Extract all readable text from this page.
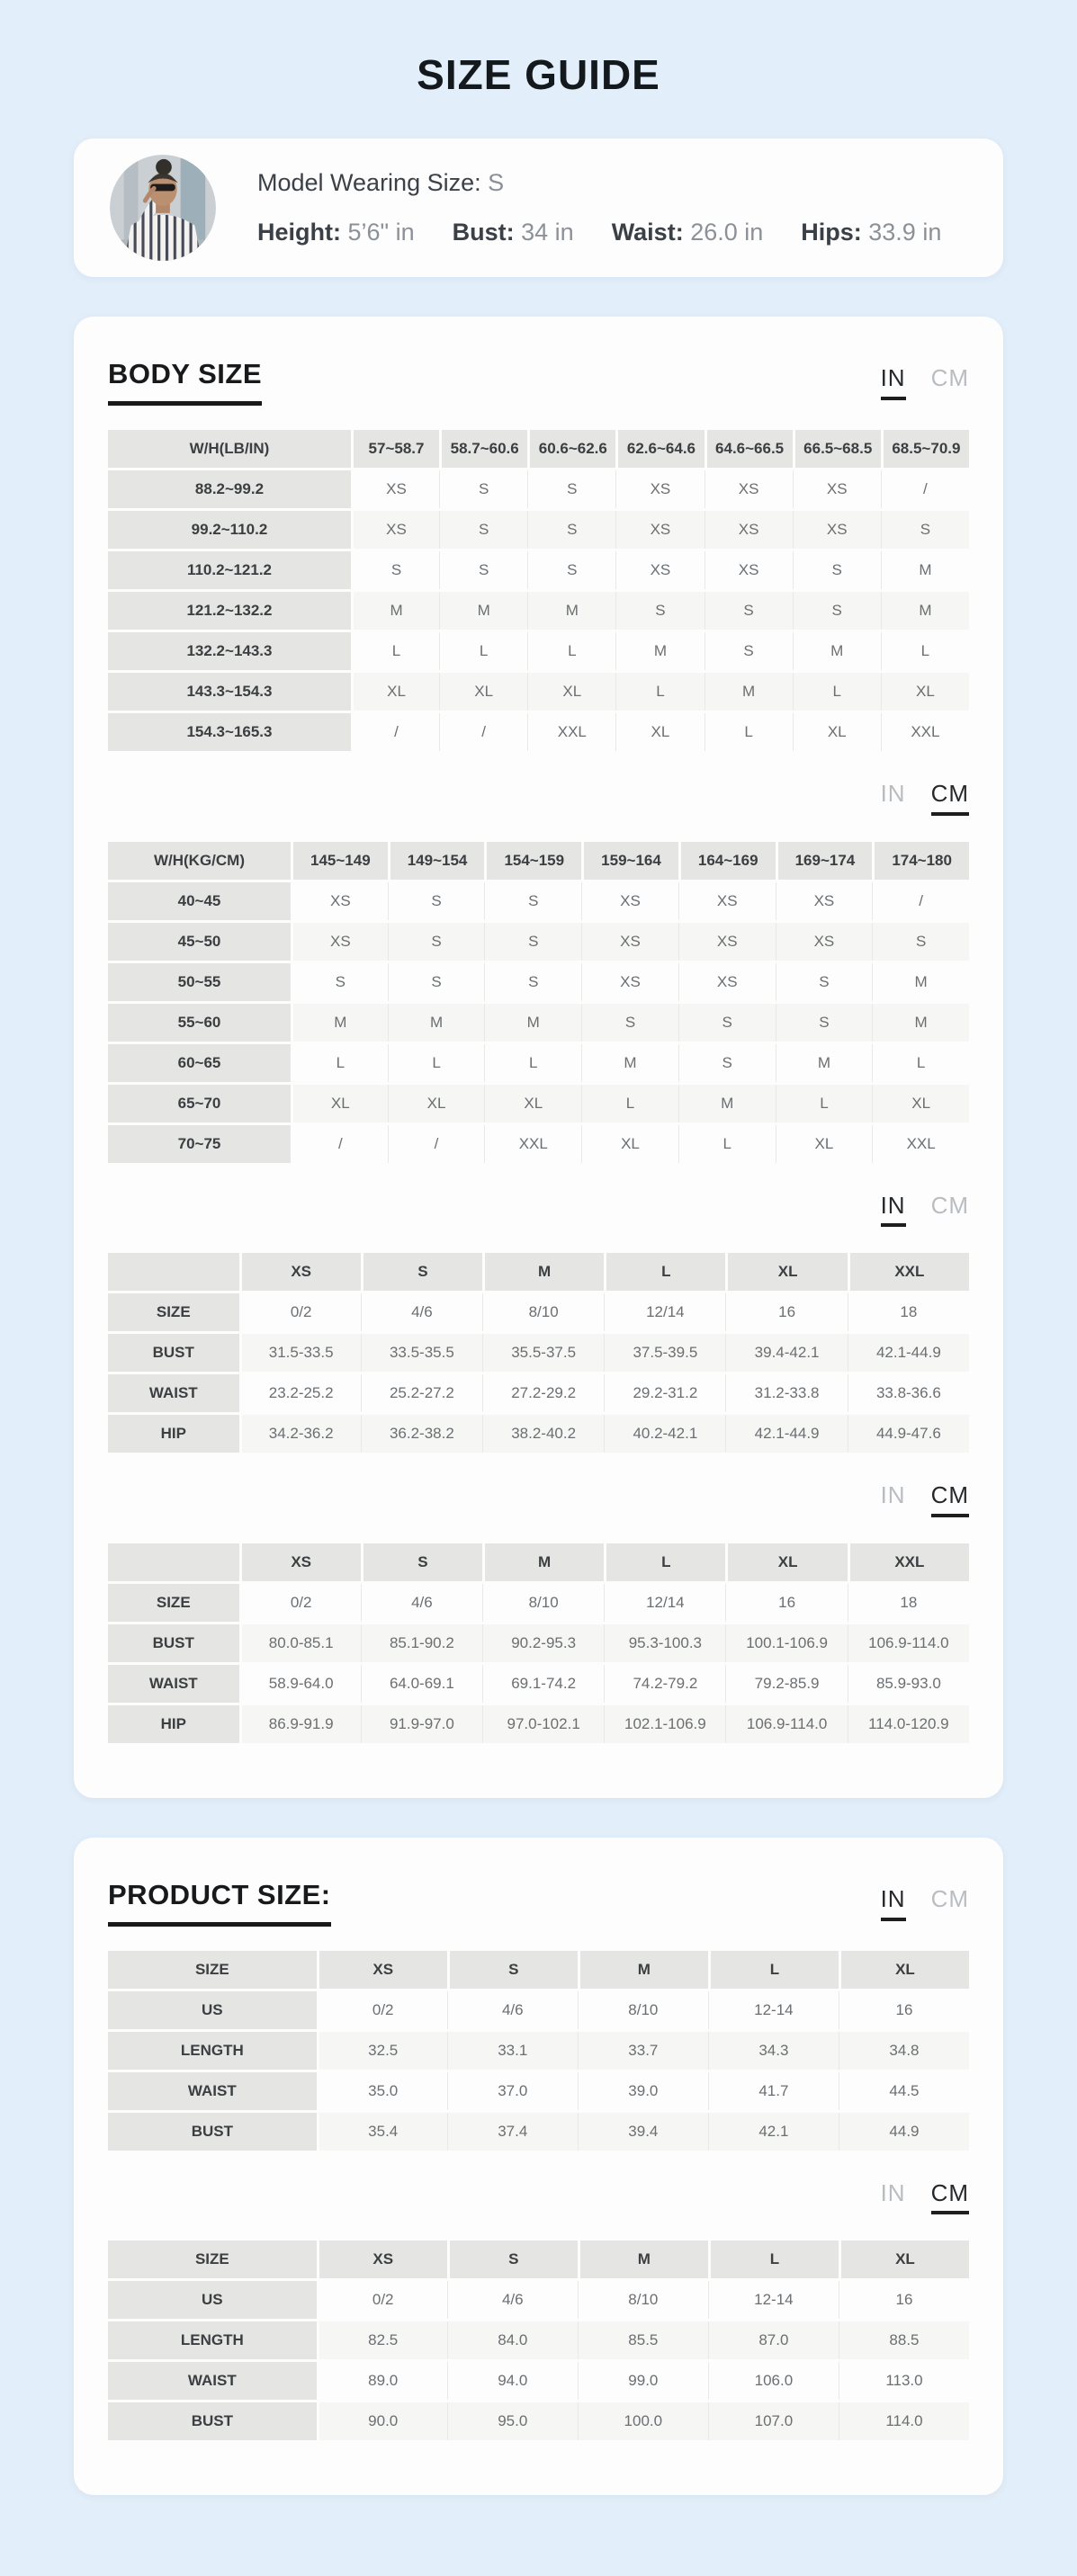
SIZE GUIDE
Model Wearing Size: S
Height: 5’6" in Bust: 34 in Waist: 26.0 in Hips: 33.9 in
BODY SIZE	IN CM
W/H(LB/IN)	57~58.7	58.7~60.6	60.6~62.6	62.6~64.6	64.6~66.5	66.5~68.5	68.5~70.9
88.2~99.2	XS	S	S	XS	XS	XS	/
99.2~110.2	XS	S	S	XS	XS	XS	S
110.2~121.2	S	S	S	XS	XS	S	M
121.2~132.2	M	M	M	S	S	S	M
132.2~143.3	L	L	L	M	S	M	L
143.3~154.3	XL	XL	XL	L	M	L	XL
154.3~165.3	/	/	XXL	XL	L	XL	XXL
IN CM
W/H(KG/CM)	145~149	149~154	154~159	159~164	164~169	169~174	174~180
40~45	XS	S	S	XS	XS	XS	/
45~50	XS	S	S	XS	XS	XS	S
50~55	S	S	S	XS	XS	S	M
55~60	M	M	M	S	S	S	M
60~65	L	L	L	M	S	M	L
65~70	XL	XL	XL	L	M	L	XL
70~75	/	/	XXL	XL	L	XL	XXL
IN CM
	XS	S	M	L	XL	XXL
SIZE	0/2	4/6	8/10	12/14	16	18
BUST	31.5-33.5	33.5-35.5	35.5-37.5	37.5-39.5	39.4-42.1	42.1-44.9
WAIST	23.2-25.2	25.2-27.2	27.2-29.2	29.2-31.2	31.2-33.8	33.8-36.6
HIP	34.2-36.2	36.2-38.2	38.2-40.2	40.2-42.1	42.1-44.9	44.9-47.6
IN CM
	XS	S	M	L	XL	XXL
SIZE	0/2	4/6	8/10	12/14	16	18
BUST	80.0-85.1	85.1-90.2	90.2-95.3	95.3-100.3	100.1-106.9	106.9-114.0
WAIST	58.9-64.0	64.0-69.1	69.1-74.2	74.2-79.2	79.2-85.9	85.9-93.0
HIP	86.9-91.9	91.9-97.0	97.0-102.1	102.1-106.9	106.9-114.0	114.0-120.9
PRODUCT SIZE:	IN CM
SIZE	XS	S	M	L	XL
US	0/2	4/6	8/10	12-14	16
LENGTH	32.5	33.1	33.7	34.3	34.8
WAIST	35.0	37.0	39.0	41.7	44.5
BUST	35.4	37.4	39.4	42.1	44.9
IN CM
SIZE	XS	S	M	L	XL
US	0/2	4/6	8/10	12-14	16
LENGTH	82.5	84.0	85.5	87.0	88.5
WAIST	89.0	94.0	99.0	106.0	113.0
BUST	90.0	95.0	100.0	107.0	114.0
